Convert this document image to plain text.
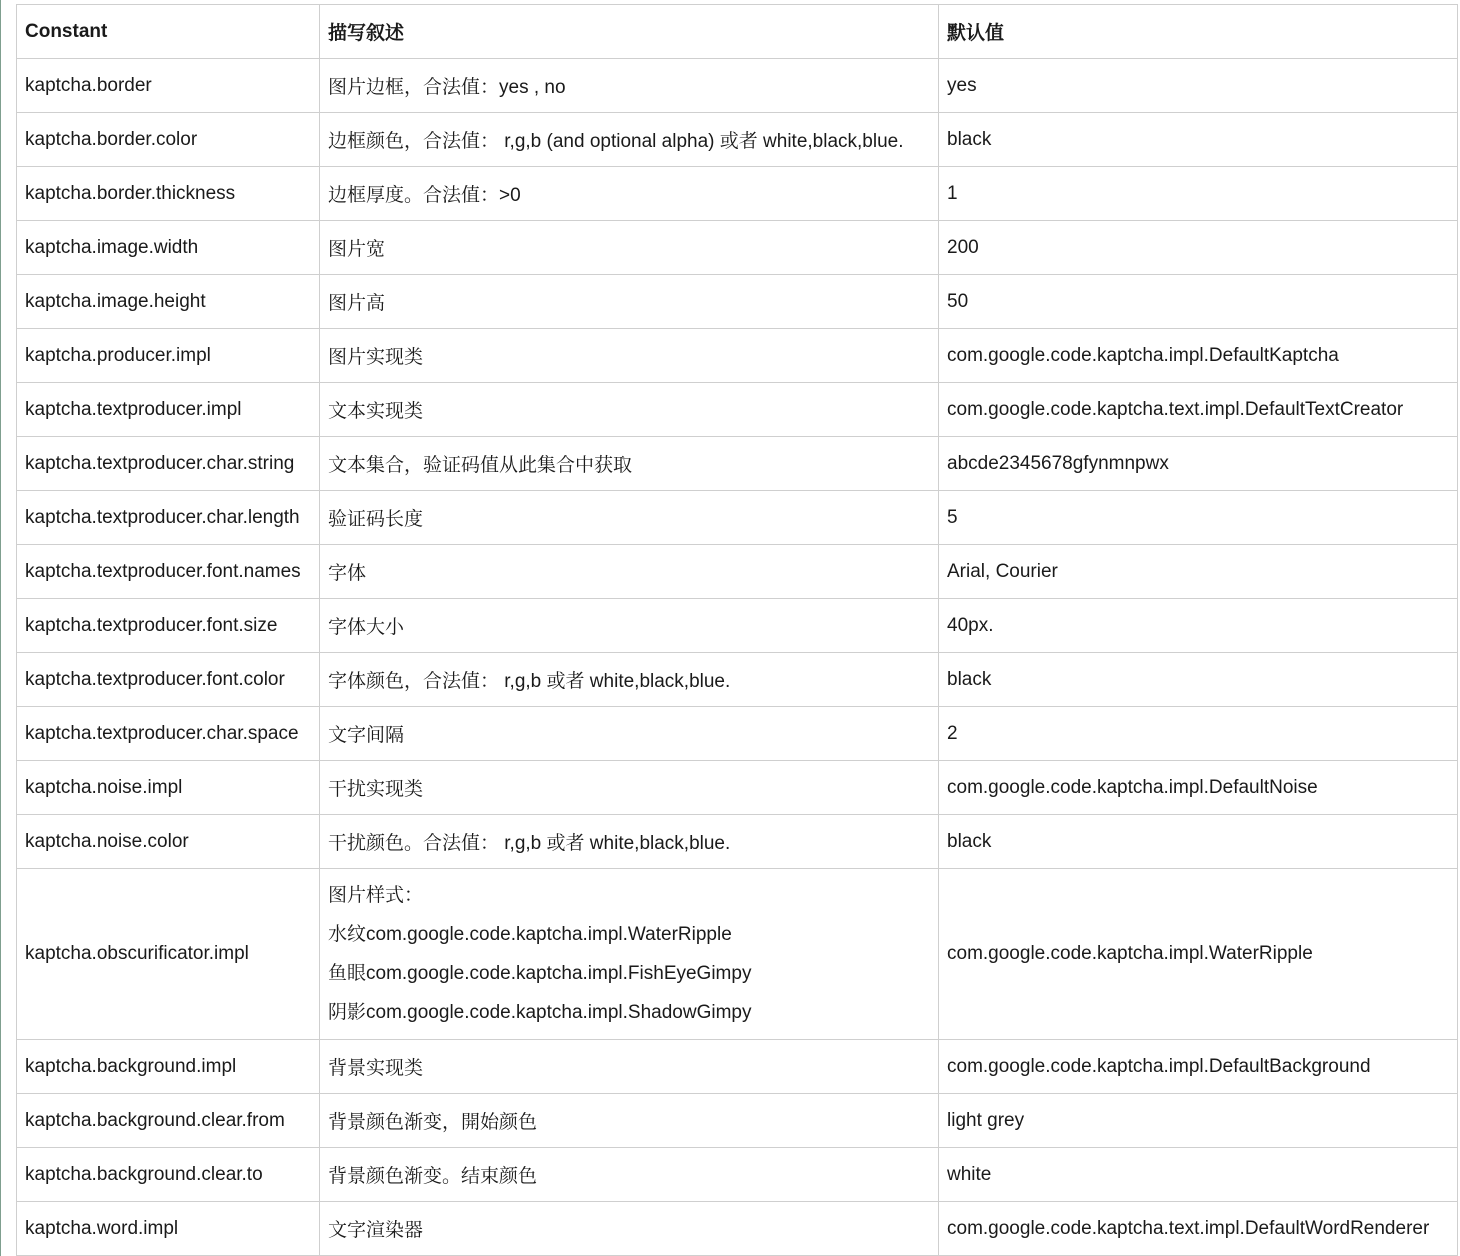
Constant	描写叙述	默认值
kaptcha.border	图片边框，合法值：yes , no	yes
kaptcha.border.color	边框颜色，合法值： r,g,b (and optional alpha) 或者 white,black,blue.	black
kaptcha.border.thickness	边框厚度。合法值：>0	1
kaptcha.image.width	图片宽	200
kaptcha.image.height	图片高	50
kaptcha.producer.impl	图片实现类	com.google.code.kaptcha.impl.DefaultKaptcha
kaptcha.textproducer.impl	文本实现类	com.google.code.kaptcha.text.impl.DefaultTextCreator
kaptcha.textproducer.char.string	文本集合，验证码值从此集合中获取	abcde2345678gfynmnpwx
kaptcha.textproducer.char.length	验证码长度	5
kaptcha.textproducer.font.names	字体	Arial, Courier
kaptcha.textproducer.font.size	字体大小	40px.
kaptcha.textproducer.font.color	字体颜色，合法值： r,g,b 或者 white,black,blue.	black
kaptcha.textproducer.char.space	文字间隔	2
kaptcha.noise.impl	干扰实现类	com.google.code.kaptcha.impl.DefaultNoise
kaptcha.noise.color	干扰颜色。合法值： r,g,b 或者 white,black,blue.	black
kaptcha.obscurificator.impl	图片样式：
水纹com.google.code.kaptcha.impl.WaterRipple
鱼眼com.google.code.kaptcha.impl.FishEyeGimpy
阴影com.google.code.kaptcha.impl.ShadowGimpy	com.google.code.kaptcha.impl.WaterRipple
kaptcha.background.impl	背景实现类	com.google.code.kaptcha.impl.DefaultBackground
kaptcha.background.clear.from	背景颜色渐变，開始颜色	light grey
kaptcha.background.clear.to	背景颜色渐变。结束颜色	white
kaptcha.word.impl	文字渲染器	com.google.code.kaptcha.text.impl.DefaultWordRenderer
